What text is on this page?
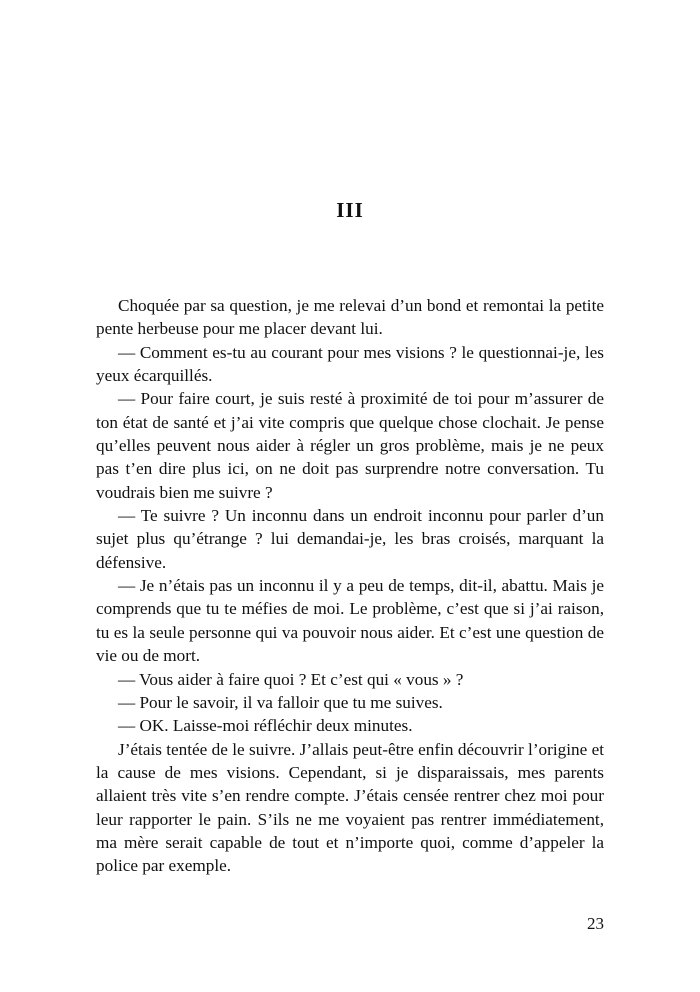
III

Choquée par sa question, je me relevai d’un bond et remontai la petite pente herbeuse pour me placer devant lui.

— Comment es-tu au courant pour mes visions ? le questionnai-je, les yeux écarquillés.

— Pour faire court, je suis resté à proximité de toi pour m’assurer de ton état de santé et j’ai vite compris que quelque chose clochait. Je pense qu’elles peuvent nous aider à régler un gros problème, mais je ne peux pas t’en dire plus ici, on ne doit pas surprendre notre conversation. Tu voudrais bien me suivre ?

— Te suivre ? Un inconnu dans un endroit inconnu pour parler d’un sujet plus qu’étrange ? lui demandai-je, les bras croisés, marquant la défensive.

— Je n’étais pas un inconnu il y a peu de temps, dit-il, abattu. Mais je comprends que tu te méfies de moi. Le problème, c’est que si j’ai raison, tu es la seule personne qui va pouvoir nous aider. Et c’est une question de vie ou de mort.

— Vous aider à faire quoi ? Et c’est qui « vous » ?

— Pour le savoir, il va falloir que tu me suives.

— OK. Laisse-moi réfléchir deux minutes.

J’étais tentée de le suivre. J’allais peut-être enfin découvrir l’origine et la cause de mes visions. Cependant, si je disparaissais, mes parents allaient très vite s’en rendre compte. J’étais censée rentrer chez moi pour leur rapporter le pain. S’ils ne me voyaient pas rentrer immédiatement, ma mère serait capable de tout et n’importe quoi, comme d’appeler la police par exemple.

23
